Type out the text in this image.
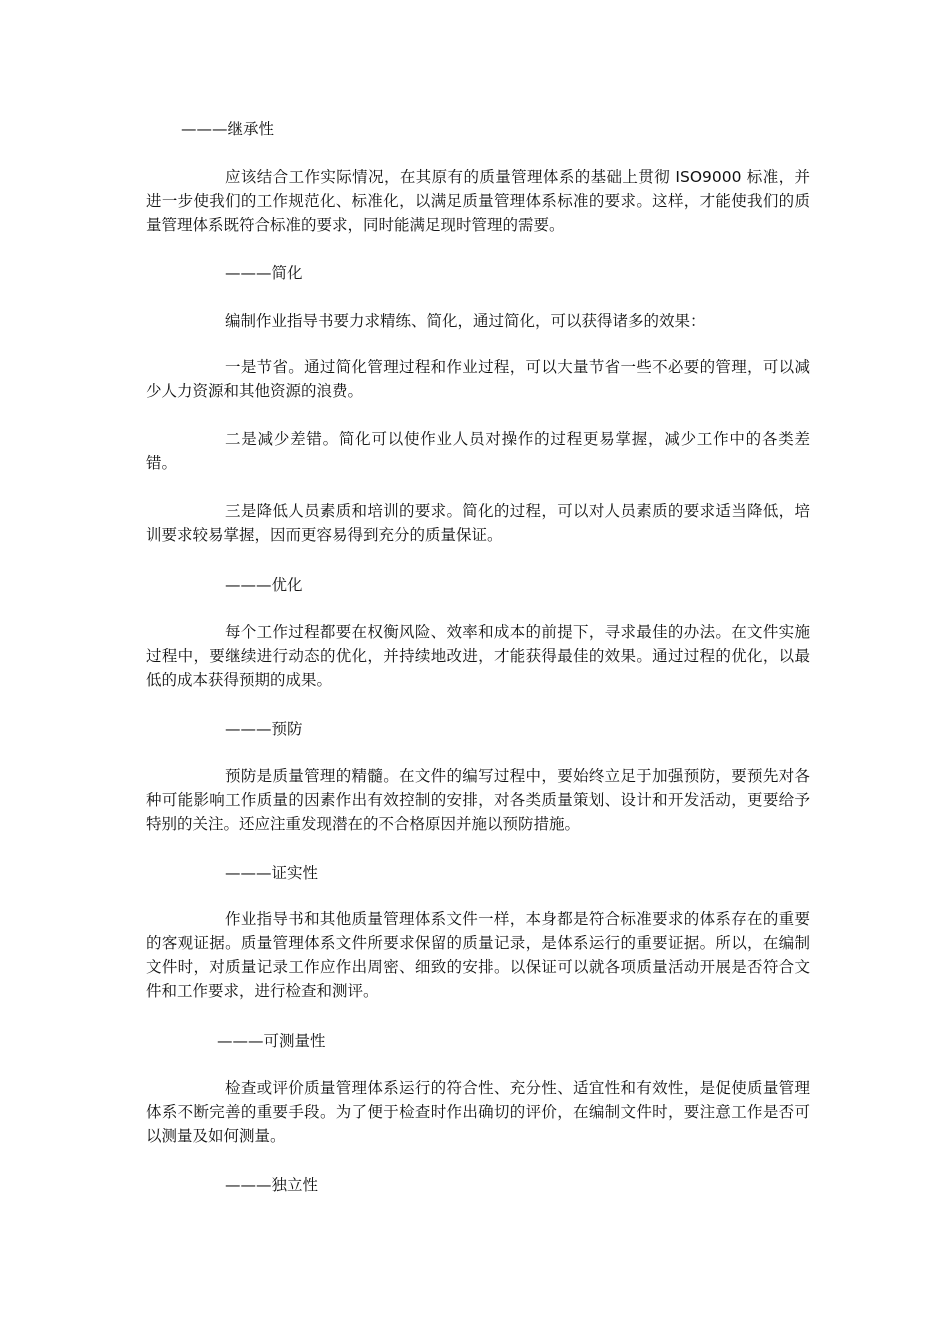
———继承性

应该结合工作实际情况，在其原有的质量管理体系的基础上贯彻 ISO9000 标准，并进一步使我们的工作规范化、标准化，以满足质量管理体系标准的要求。这样，才能使我们的质量管理体系既符合标准的要求，同时能满足现时管理的需要。

———简化

编制作业指导书要力求精练、简化，通过简化，可以获得诸多的效果：

一是节省。通过简化管理过程和作业过程，可以大量节省一些不必要的管理，可以减少人力资源和其他资源的浪费。

二是减少差错。简化可以使作业人员对操作的过程更易掌握，减少工作中的各类差错。

三是降低人员素质和培训的要求。简化的过程，可以对人员素质的要求适当降低，培训要求较易掌握，因而更容易得到充分的质量保证。

———优化

每个工作过程都要在权衡风险、效率和成本的前提下，寻求最佳的办法。在文件实施过程中，要继续进行动态的优化，并持续地改进，才能获得最佳的效果。通过过程的优化，以最低的成本获得预期的成果。

———预防

预防是质量管理的精髓。在文件的编写过程中，要始终立足于加强预防，要预先对各种可能影响工作质量的因素作出有效控制的安排，对各类质量策划、设计和开发活动，更要给予特别的关注。还应注重发现潜在的不合格原因并施以预防措施。

———证实性

作业指导书和其他质量管理体系文件一样，本身都是符合标准要求的体系存在的重要的客观证据。质量管理体系文件所要求保留的质量记录，是体系运行的重要证据。所以，在编制文件时，对质量记录工作应作出周密、细致的安排。以保证可以就各项质量活动开展是否符合文件和工作要求，进行检查和测评。

———可测量性

检查或评价质量管理体系运行的符合性、充分性、适宜性和有效性，是促使质量管理体系不断完善的重要手段。为了便于检查时作出确切的评价，在编制文件时，要注意工作是否可以测量及如何测量。

———独立性
